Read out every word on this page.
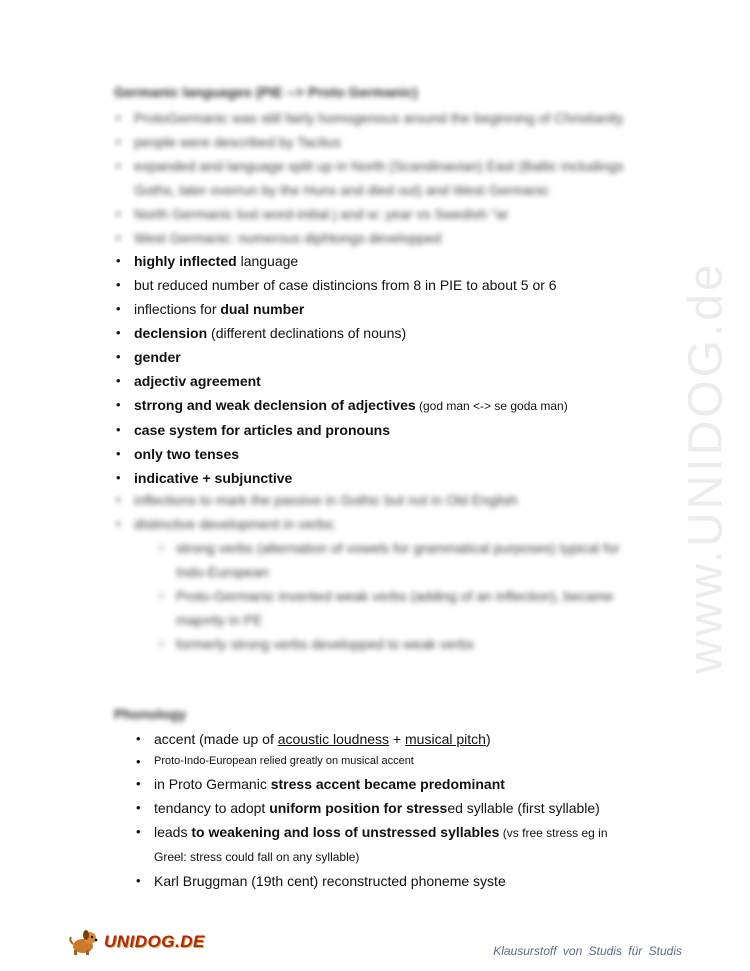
www.UNIDOG.de
Germanic languages (PIE --> Proto Germanic)
• ProtoGermanic was still fairly homogenous around the beginning of Christianity
• people were described by Tacitus
• expanded and language split up in North (Scandinavian) East (Baltic includings
Goths, later overrun by the Huns and died out) and West Germanic
• North Germanic lost word-initial j and w: year vs Swedish "ar
• West Germanic: numerous diphtongs developped
• highly inflected language
• but reduced number of case distincions from 8 in PIE to about 5 or 6
• inflections for dual number
• declension (different declinations of nouns)
• gender
• adjectiv agreement
• strrong and weak declension of adjectives (god man <-> se goda man)
• case system for articles and pronouns
• only two tenses
• indicative + subjunctive
• inflections to mark the passive in Gothic but not in Old English
• distinctive development in verbs:
○ strong verbs (alternation of vowels for grammatical purposes) typical for
Indo-European
○ Proto-Germanic invented weak verbs (adding of an inflection), became
majority in PE
○ formerly strong verbs developped to weak verbs
Phonology
• accent (made up of acoustic loudness + musical pitch)
• Proto-Indo-European relied greatly on musical accent
• in Proto Germanic stress accent became predominant
• tendancy to adopt uniform position for stressed syllable (first syllable)
• leads to weakening and loss of unstressed syllables (vs free stress eg in
Greel: stress could fall on any syllable)
• Karl Bruggman (19th cent) reconstructed phoneme syste
UNIDOG.DE	Klausurstoff von Studis für Studis
